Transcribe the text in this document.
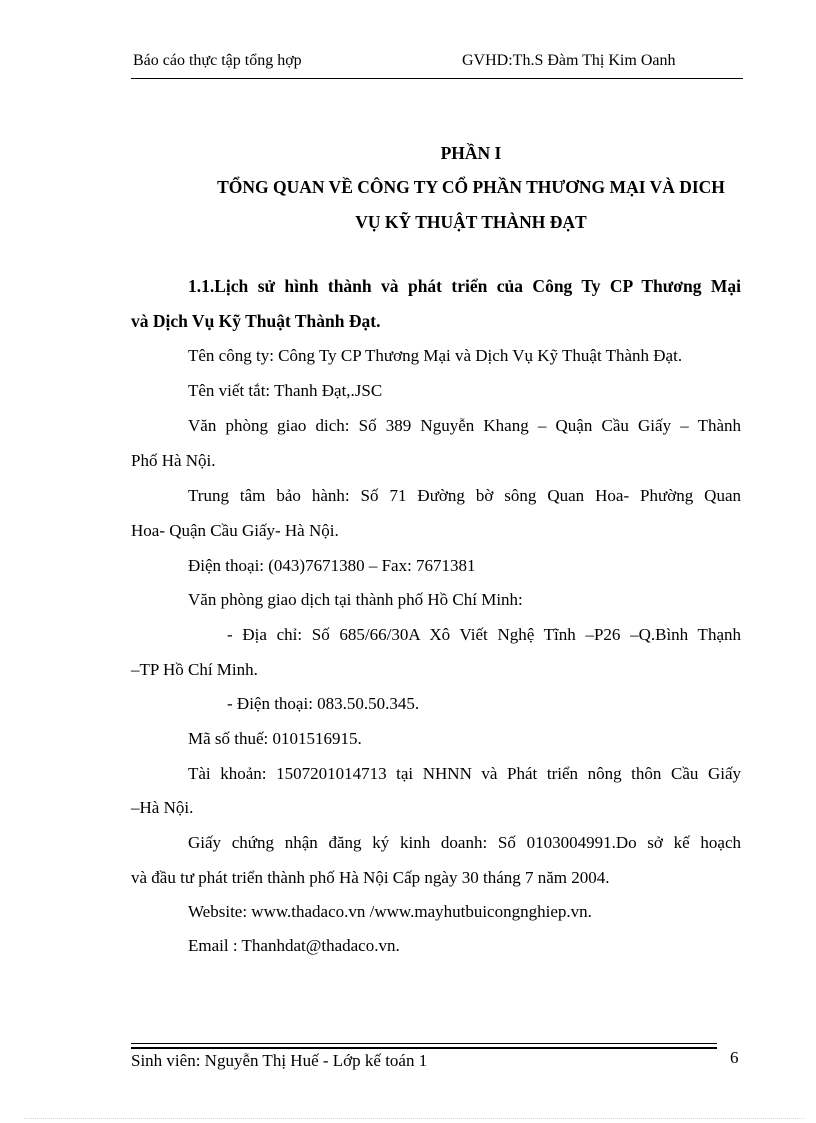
Báo cáo thực tập tổng hợp	GVHD:Th.S Đàm Thị Kim Oanh
PHẦN I
TỔNG QUAN VỀ CÔNG TY CỔ PHẦN THƯƠNG MẠI VÀ DICH
VỤ KỸ THUẬT THÀNH ĐẠT
1.1.Lịch sử hình thành và phát triển của Công Ty CP Thương Mại
và Dịch Vụ Kỹ Thuật Thành Đạt.
Tên công ty: Công Ty CP Thương Mại và Dịch Vụ Kỹ Thuật Thành Đạt.
Tên viết tắt: Thanh Đạt,.JSC
Văn phòng giao dich: Số 389 Nguyễn Khang – Quận Cầu Giấy – Thành
Phố Hà Nội.
Trung tâm bảo hành: Số 71 Đường bờ sông Quan Hoa- Phường Quan
Hoa- Quận Cầu Giấy- Hà Nội.
Điện thoại: (043)7671380 – Fax: 7671381
Văn phòng giao dịch tại thành phố Hồ Chí Minh:
- Địa chỉ: Số 685/66/30A Xô Viết Nghệ Tĩnh –P26 –Q.Bình Thạnh
–TP Hồ Chí Minh.
- Điện thoại: 083.50.50.345.
Mã số thuế: 0101516915.
Tài khoản: 1507201014713 tại NHNN và Phát triển nông thôn Cầu Giấy
–Hà Nội.
Giấy chứng nhận đăng ký kinh doanh: Số 0103004991.Do sở kế hoạch
và đầu tư phát triển thành phố Hà Nội Cấp ngày 30 tháng 7 năm 2004.
Website: www.thadaco.vn /www.mayhutbuicongnghiep.vn.
Email : Thanhdat@thadaco.vn.
Sinh viên: Nguyễn Thị Huế - Lớp kế toán 1	6
